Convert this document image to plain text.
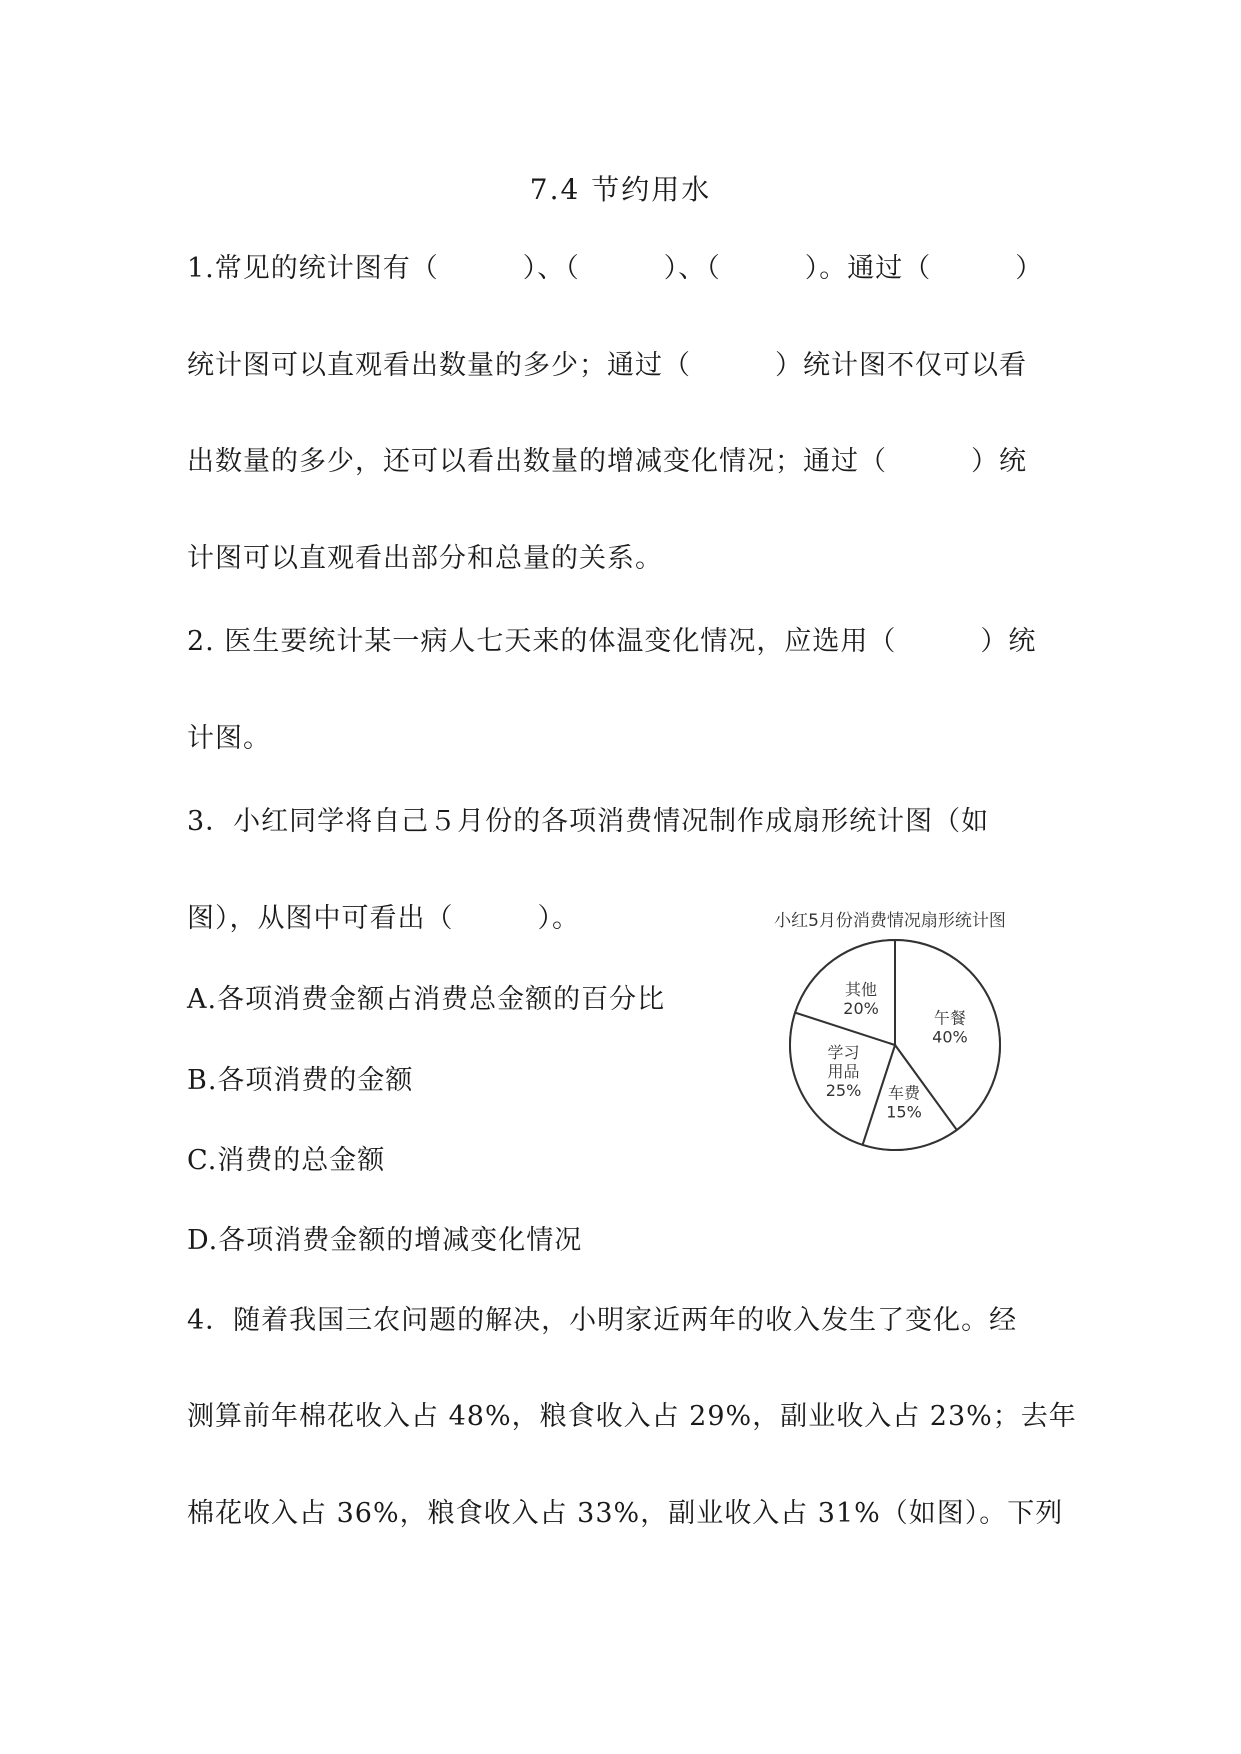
7.4 节约用水
1.常见的统计图有（　　　）、（　　　）、（　　　）。通过（　　　）
统计图可以直观看出数量的多少；通过（　　　）统计图不仅可以看
出数量的多少，还可以看出数量的增减变化情况；通过（　　　）统
计图可以直观看出部分和总量的关系。
2. 医生要统计某一病人七天来的体温变化情况，应选用（　　　）统
计图。
3．小红同学将自己５月份的各项消费情况制作成扇形统计图（如
图），从图中可看出（　　　）。
A.各项消费金额占消费总金额的百分比
B.各项消费的金额
C.消费的总金额
D.各项消费金额的增减变化情况
小红5月份消费情况扇形统计图
午餐
40%
车费
15%
学习
用品
25%
其他
20%
4．随着我国三农问题的解决，小明家近两年的收入发生了变化。经
测算前年棉花收入占 48%，粮食收入占 29%，副业收入占 23%；去年
棉花收入占 36%，粮食收入占 33%，副业收入占 31%（如图）。下列
